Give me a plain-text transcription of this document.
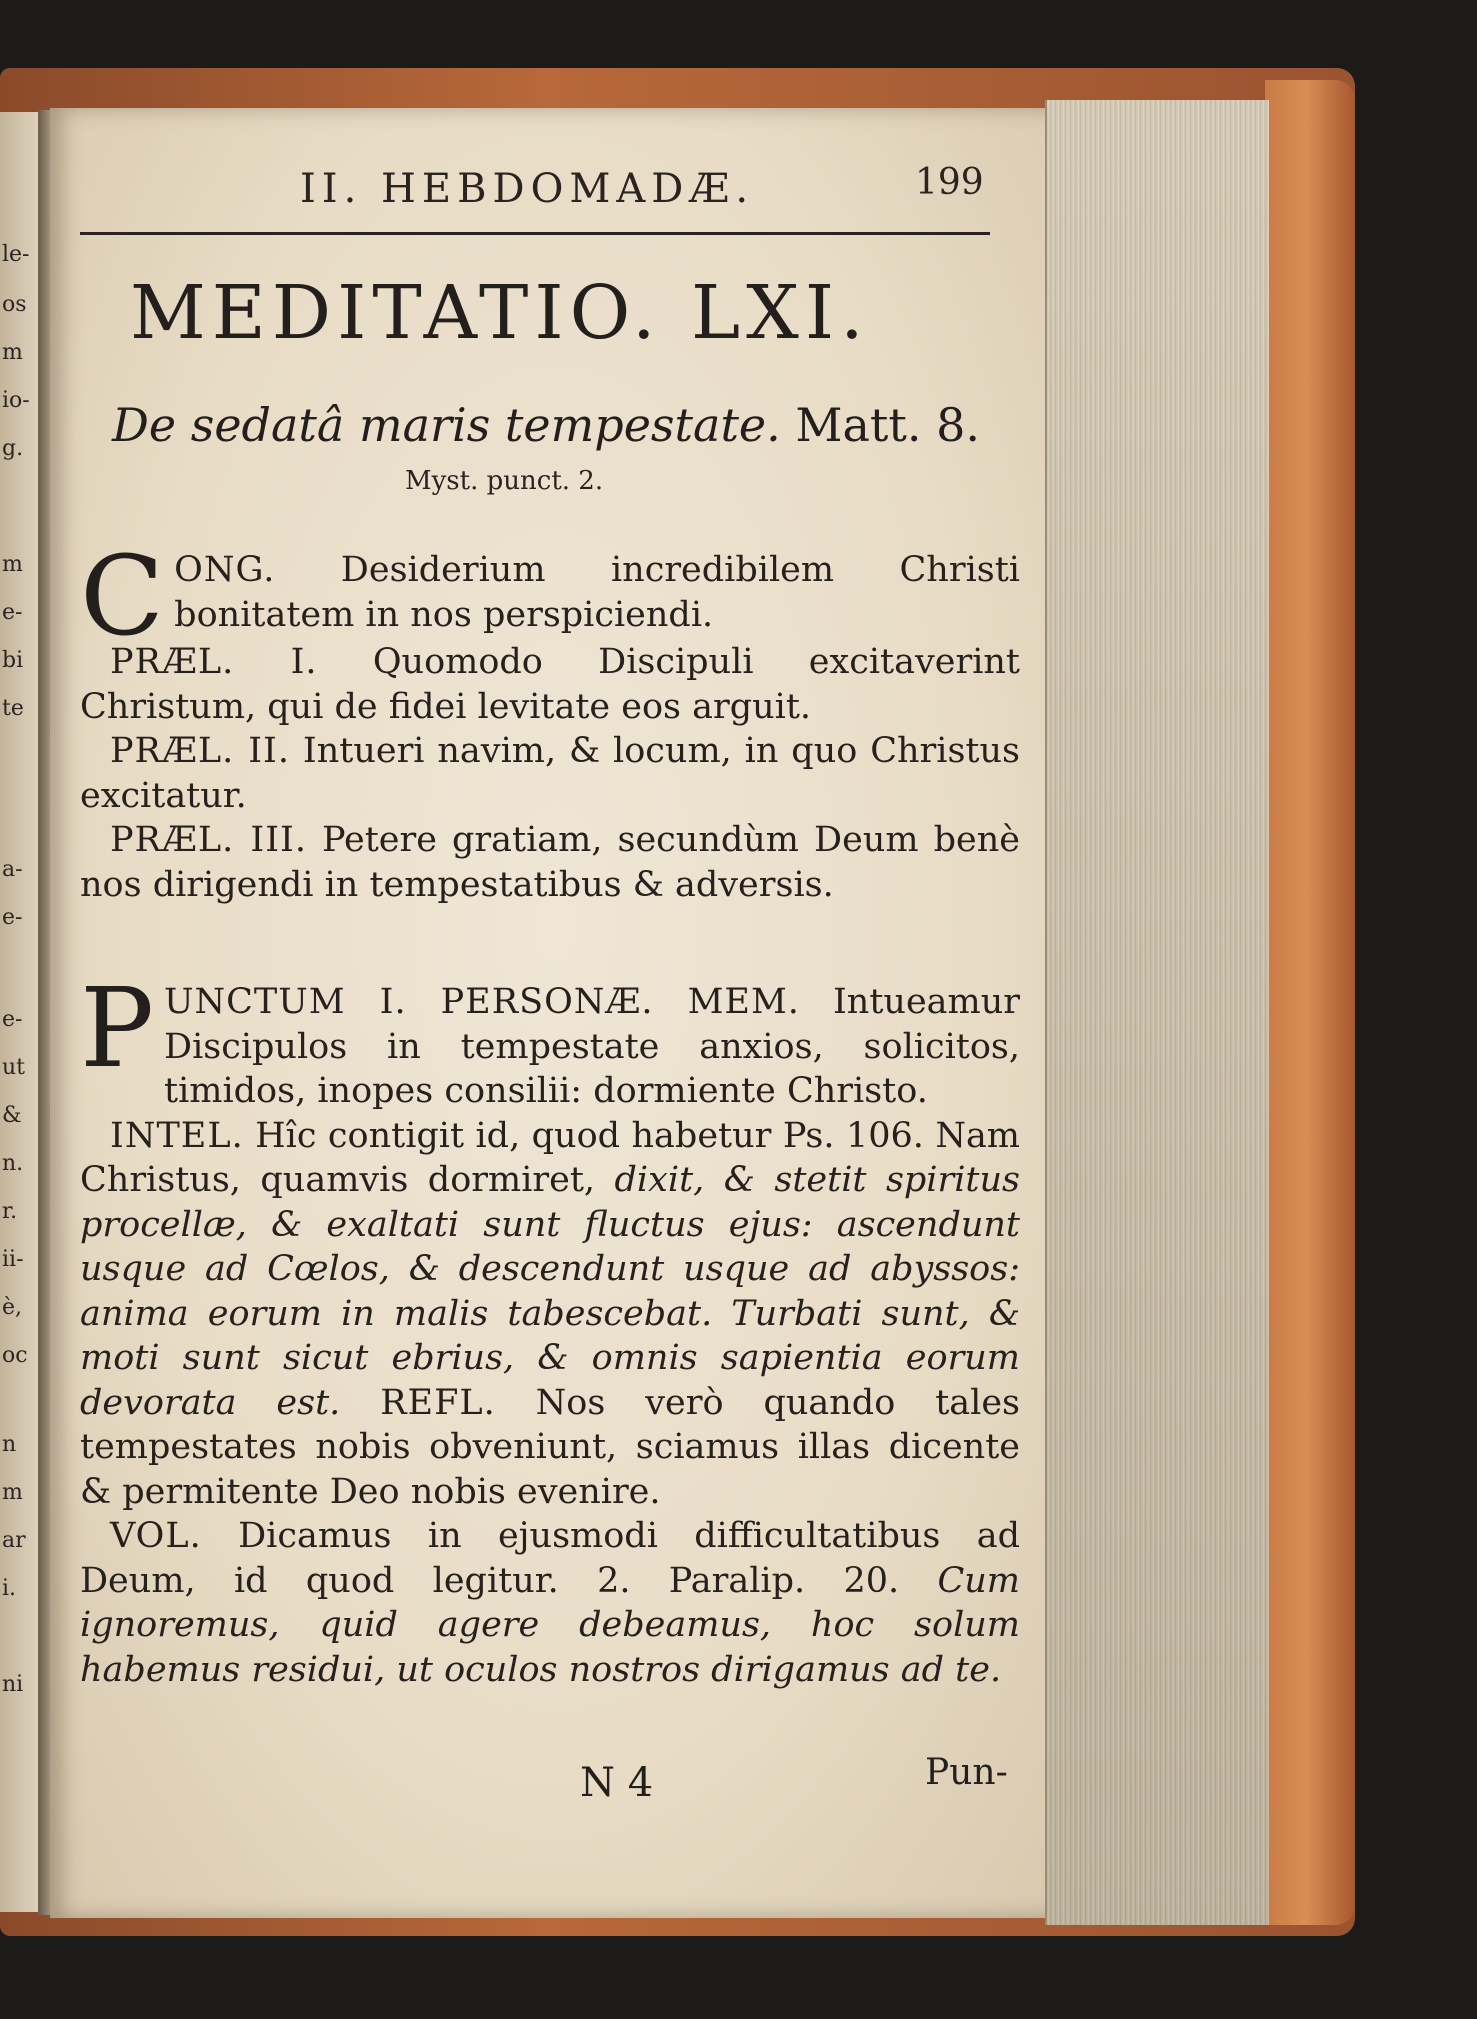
le-
os
m
io-
g.
m
e-
bi
te
a-
e-
e-
ut
&
n.
r.
ii-
è,
oc
n
m
ar
i.
ni
II. HEBDOMADÆ.	199
MEDITATIO. LXI.
De sedatâ maris tempestate. Matt. 8.
Myst. punct. 2.

CONG. Desiderium incredibilem Christi bonitatem in nos perspiciendi.

PRÆL. I. Quomodo Discipuli excitaverint Christum, qui de fidei levitate eos arguit.

PRÆL. II. Intueri navim, & locum, in quo Christus excitatur.

PRÆL. III. Petere gratiam, secundùm Deum benè nos dirigendi in tempestatibus & adversis.

PUNCTUM I. PERSONÆ. MEM. Intueamur Discipulos in tempestate anxios, solicitos, timidos, inopes consilii: dormiente Christo.

INTEL. Hîc contigit id, quod habetur Ps. 106. Nam Christus, quamvis dormiret, dixit, & stetit spiritus procellæ, & exaltati sunt fluctus ejus: ascendunt usque ad Cœlos, & descendunt usque ad abyssos: anima eorum in malis tabescebat. Turbati sunt, & moti sunt sicut ebrius, & omnis sapientia eorum devorata est. REFL. Nos verò quando tales tempestates nobis obveniunt, sciamus illas dicente & permitente Deo nobis evenire.

VOL. Dicamus in ejusmodi difficultatibus ad Deum, id quod legitur. 2. Paralip. 20. Cum ignoremus, quid agere debeamus, hoc solum habemus residui, ut oculos nostros dirigamus ad te.

N 4	Pun-
